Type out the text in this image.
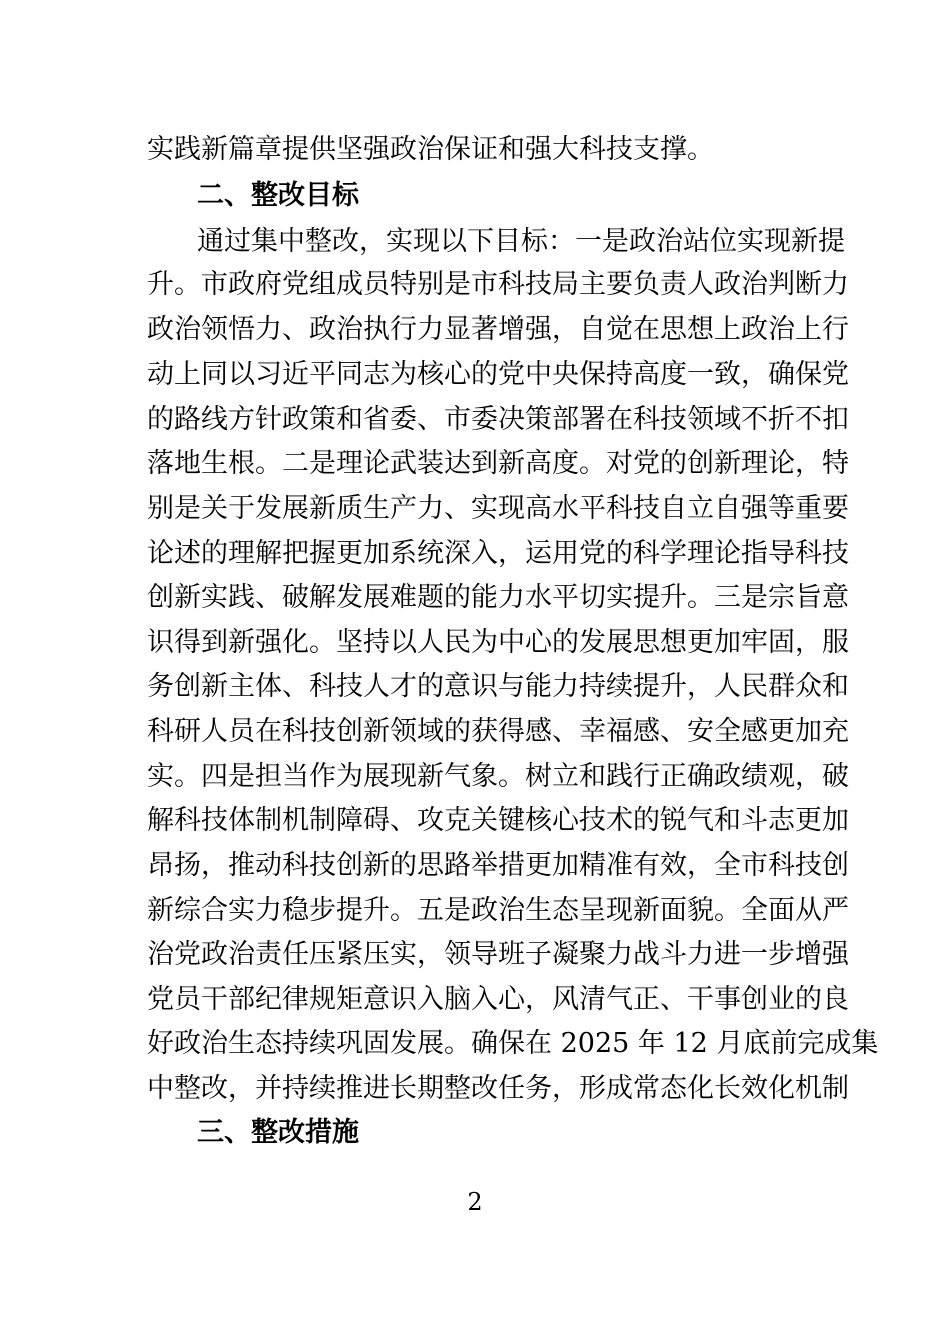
实践新篇章提供坚强政治保证和强大科技支撑。
二、整改目标
通过集中整改，实现以下目标：一是政治站位实现新提
升。市政府党组成员特别是市科技局主要负责人政治判断力
政治领悟力、政治执行力显著增强，自觉在思想上政治上行
动上同以习近平同志为核心的党中央保持高度一致，确保党
的路线方针政策和省委、市委决策部署在科技领域不折不扣
落地生根。二是理论武装达到新高度。对党的创新理论，特
别是关于发展新质生产力、实现高水平科技自立自强等重要
论述的理解把握更加系统深入，运用党的科学理论指导科技
创新实践、破解发展难题的能力水平切实提升。三是宗旨意
识得到新强化。坚持以人民为中心的发展思想更加牢固，服
务创新主体、科技人才的意识与能力持续提升，人民群众和
科研人员在科技创新领域的获得感、幸福感、安全感更加充
实。四是担当作为展现新气象。树立和践行正确政绩观，破
解科技体制机制障碍、攻克关键核心技术的锐气和斗志更加
昂扬，推动科技创新的思路举措更加精准有效，全市科技创
新综合实力稳步提升。五是政治生态呈现新面貌。全面从严
治党政治责任压紧压实，领导班子凝聚力战斗力进一步增强
党员干部纪律规矩意识入脑入心，风清气正、干事创业的良
好政治生态持续巩固发展。确保在 2025 年 12 月底前完成集
中整改，并持续推进长期整改任务，形成常态化长效化机制
三、整改措施
2
